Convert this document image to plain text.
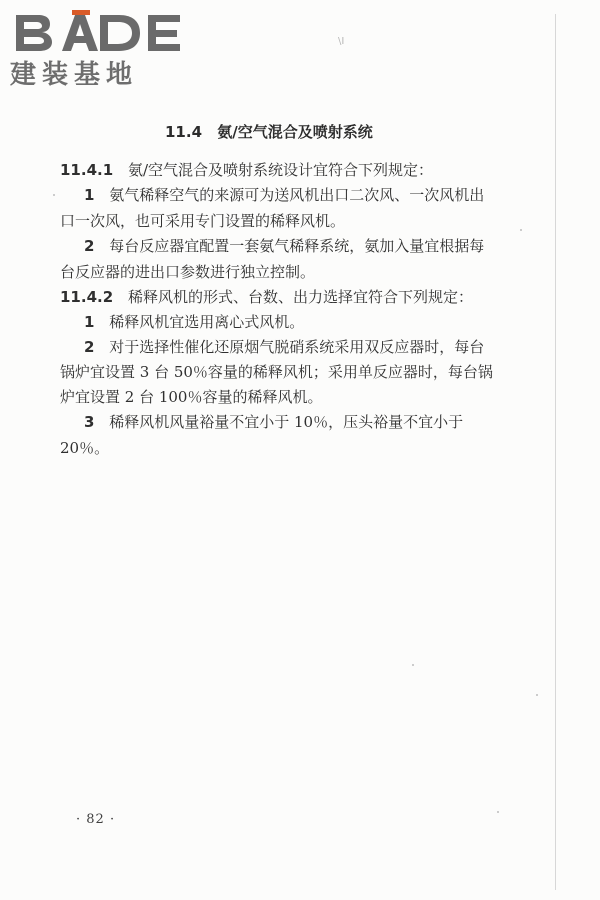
建装基地
\I
11.4 氨/空气混合及喷射系统
11.4.1 氨/空气混合及喷射系统设计宜符合下列规定：
1 氨气稀释空气的来源可为送风机出口二次风、一次风机出
口一次风，也可采用专门设置的稀释风机。
2 每台反应器宜配置一套氨气稀释系统，氨加入量宜根据每
台反应器的进出口参数进行独立控制。
11.4.2 稀释风机的形式、台数、出力选择宜符合下列规定：
1 稀释风机宜选用离心式风机。
2 对于选择性催化还原烟气脱硝系统采用双反应器时，每台
锅炉宜设置 3 台 50％容量的稀释风机；采用单反应器时，每台锅
炉宜设置 2 台 100％容量的稀释风机。
3 稀释风机风量裕量不宜小于 10％，压头裕量不宜小于
20％。
· 82 ·
